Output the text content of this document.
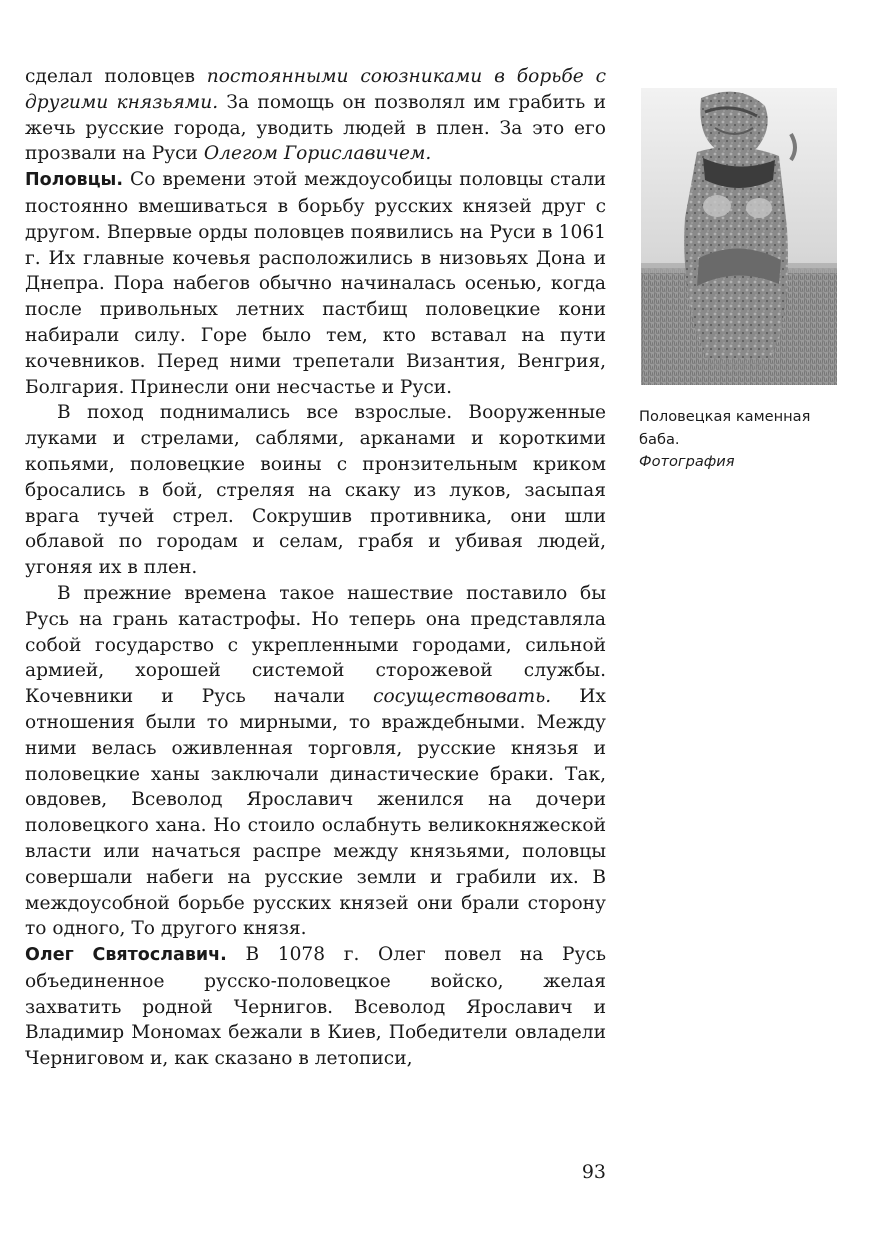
сделал половцев постоянными союзниками в борьбе с другими князьями. За помощь он позволял им грабить и жечь русские города, уводить людей в плен. За это его прозвали на Руси Олегом Гориславичем.

Половцы. Со времени этой междоусобицы половцы стали постоянно вмешиваться в борьбу русских князей друг с другом. Впервые орды половцев появились на Руси в 1061 г. Их главные кочевья расположились в низовьях Дона и Днепра. Пора набегов обычно начиналась осенью, когда после привольных летних пастбищ половецкие кони набирали силу. Горе было тем, кто вставал на пути кочевников. Перед ними трепетали Византия, Венгрия, Болгария. Принесли они несчастье и Руси.

В поход поднимались все взрослые. Вооруженные луками и стрелами, саблями, арканами и короткими копьями, половецкие воины с пронзительным криком бросались в бой, стреляя на скаку из луков, засыпая врага тучей стрел. Сокрушив противника, они шли облавой по городам и селам, грабя и убивая людей, угоняя их в плен.

В прежние времена такое нашествие поставило бы Русь на грань катастрофы. Но теперь она представляла собой государство с укрепленными городами, сильной армией, хорошей системой сторожевой службы. Кочевники и Русь начали сосуществовать. Их отношения были то мирными, то враждебными. Между ними велась оживленная торговля, русские князья и половецкие ханы заключали династические браки. Так, овдовев, Всеволод Ярославич женился на дочери половецкого хана. Но стоило ослабнуть великокняжеской власти или начаться распре между князьями, половцы совершали набеги на русские земли и грабили их. В междоусобной борьбе русских князей они брали сторону то одного, То другого князя.

Олег Святославич. В 1078 г. Олег повел на Русь объединенное русско-половецкое войско, желая захватить родной Чернигов. Всеволод Ярославич и Владимир Мономах бежали в Киев, Победители овладели Черниговом и, как сказано в летописи,

Половецкая каменная баба.
Фотография
93
